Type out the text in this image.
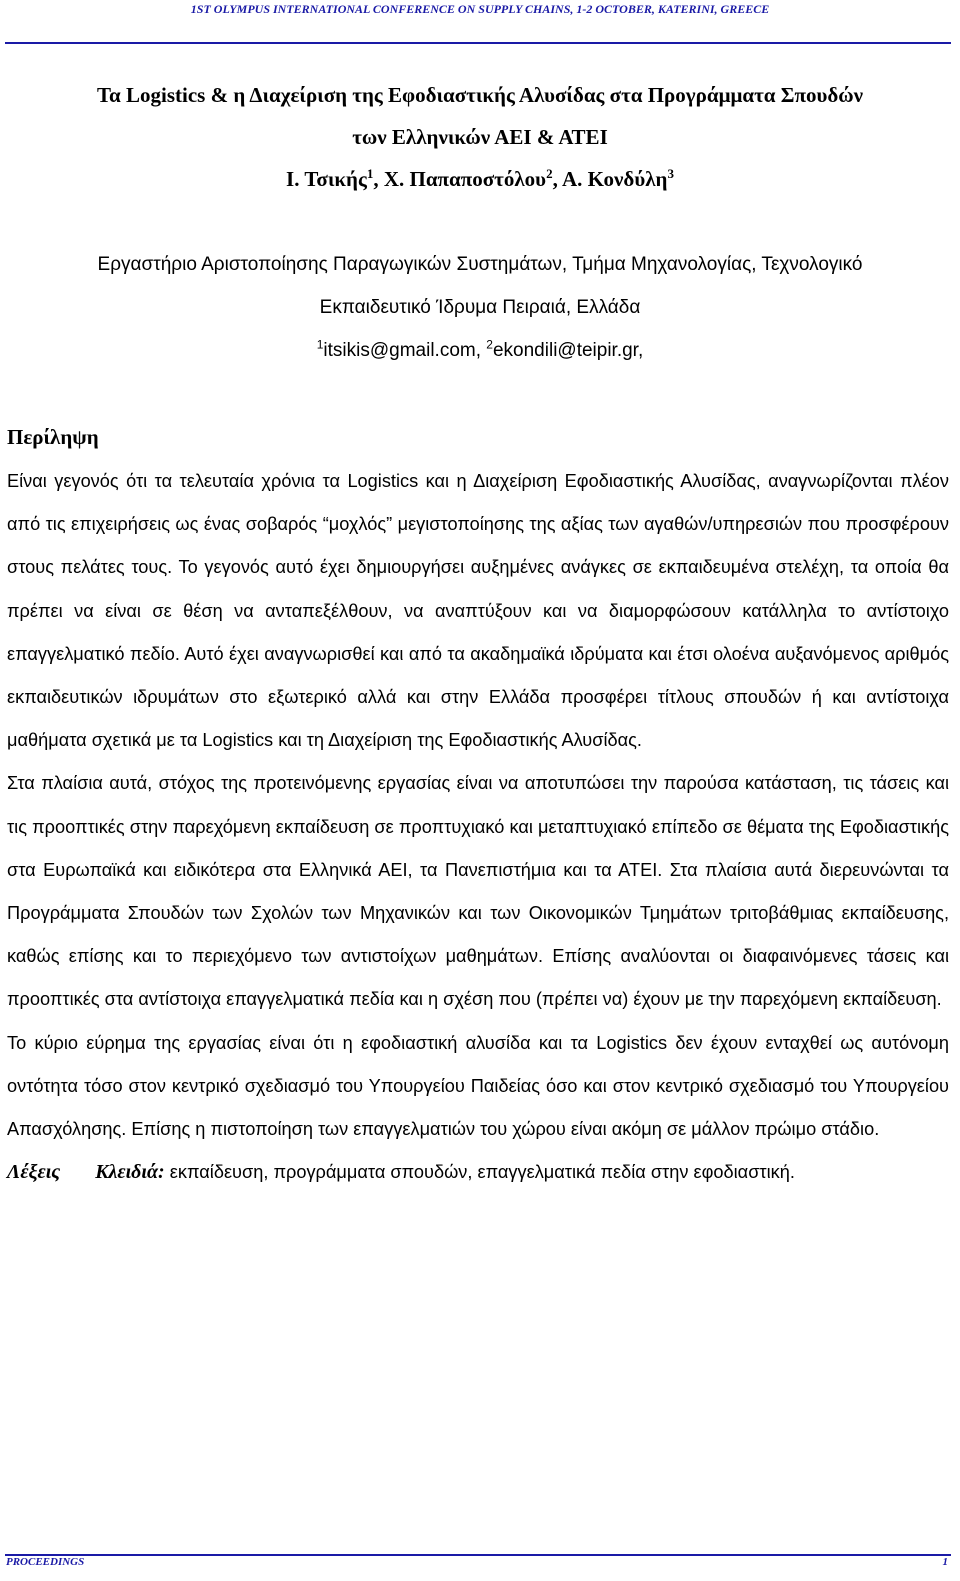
1ST OLYMPUS INTERNATIONAL CONFERENCE ON SUPPLY CHAINS, 1-2 OCTOBER, KATERINI, GREECE
Τα Logistics & η Διαχείριση της Εφοδιαστικής Αλυσίδας στα Προγράμματα Σπουδών
των Ελληνικών ΑΕΙ & ΑΤΕΙ
Ι. Τσικής$^1$, Χ. Παπαποστόλου$^2$, Α. Κονδύλη$^3$
Εργαστήριο Αριστοποίησης Παραγωγικών Συστημάτων, Τμήμα Μηχανολογίας, Τεχνολογικό
Εκπαιδευτικό Ίδρυμα Πειραιά, Ελλάδα
$^1$itsikis@gmail.com, $^2$ekondili@teipir.gr,
Περίληψη

Είναι γεγονός ότι τα τελευταία χρόνια τα Logistics και η Διαχείριση Εφοδιαστικής Αλυσίδας, αναγνωρίζονται πλέον από τις επιχειρήσεις ως ένας σοβαρός “μοχλός” μεγιστοποίησης της αξίας των αγαθών/υπηρεσιών που προσφέρουν στους πελάτες τους. Το γεγονός αυτό έχει δημιουργήσει αυξημένες ανάγκες σε εκπαιδευμένα στελέχη, τα οποία θα πρέπει να είναι σε θέση να ανταπεξέλθουν, να αναπτύξουν και να διαμορφώσουν κατάλληλα το αντίστοιχο επαγγελματικό πεδίο. Αυτό έχει αναγνωρισθεί και από τα ακαδημαϊκά ιδρύματα και έτσι ολοένα αυξανόμενος αριθμός εκπαιδευτικών ιδρυμάτων στο εξωτερικό αλλά και στην Ελλάδα προσφέρει τίτλους σπουδών ή και αντίστοιχα μαθήματα σχετικά με τα Logistics και τη Διαχείριση της Εφοδιαστικής Αλυσίδας.

Στα πλαίσια αυτά, στόχος της προτεινόμενης εργασίας είναι να αποτυπώσει την παρούσα κατάσταση, τις τάσεις και τις προοπτικές στην παρεχόμενη εκπαίδευση σε προπτυχιακό και μεταπτυχιακό επίπεδο σε θέματα της Εφοδιαστικής στα Ευρωπαϊκά και ειδικότερα στα Ελληνικά ΑΕΙ, τα Πανεπιστήμια και τα ΑΤΕΙ. Στα πλαίσια αυτά διερευνώνται τα Προγράμματα Σπουδών των Σχολών των Μηχανικών και των Οικονομικών Τμημάτων τριτοβάθμιας εκπαίδευσης, καθώς επίσης και το περιεχόμενο των αντιστοίχων μαθημάτων. Επίσης αναλύονται οι διαφαινόμενες τάσεις και προοπτικές στα αντίστοιχα επαγγελματικά πεδία και η σχέση που (πρέπει να) έχουν με την παρεχόμενη εκπαίδευση.

Το κύριο εύρημα της εργασίας είναι ότι η εφοδιαστική αλυσίδα και τα Logistics δεν έχουν ενταχθεί ως αυτόνομη οντότητα τόσο στον κεντρικό σχεδιασμό του Υπουργείου Παιδείας όσο και στον κεντρικό σχεδιασμό του Υπουργείου Απασχόλησης. Επίσης η πιστοποίηση των επαγγελματιών του χώρου είναι ακόμη σε μάλλον πρώιμο στάδιο.

Λέξεις Κλειδιά: εκπαίδευση, προγράμματα σπουδών, επαγγελματικά πεδία στην εφοδιαστική.

PROCEEDINGS	1
